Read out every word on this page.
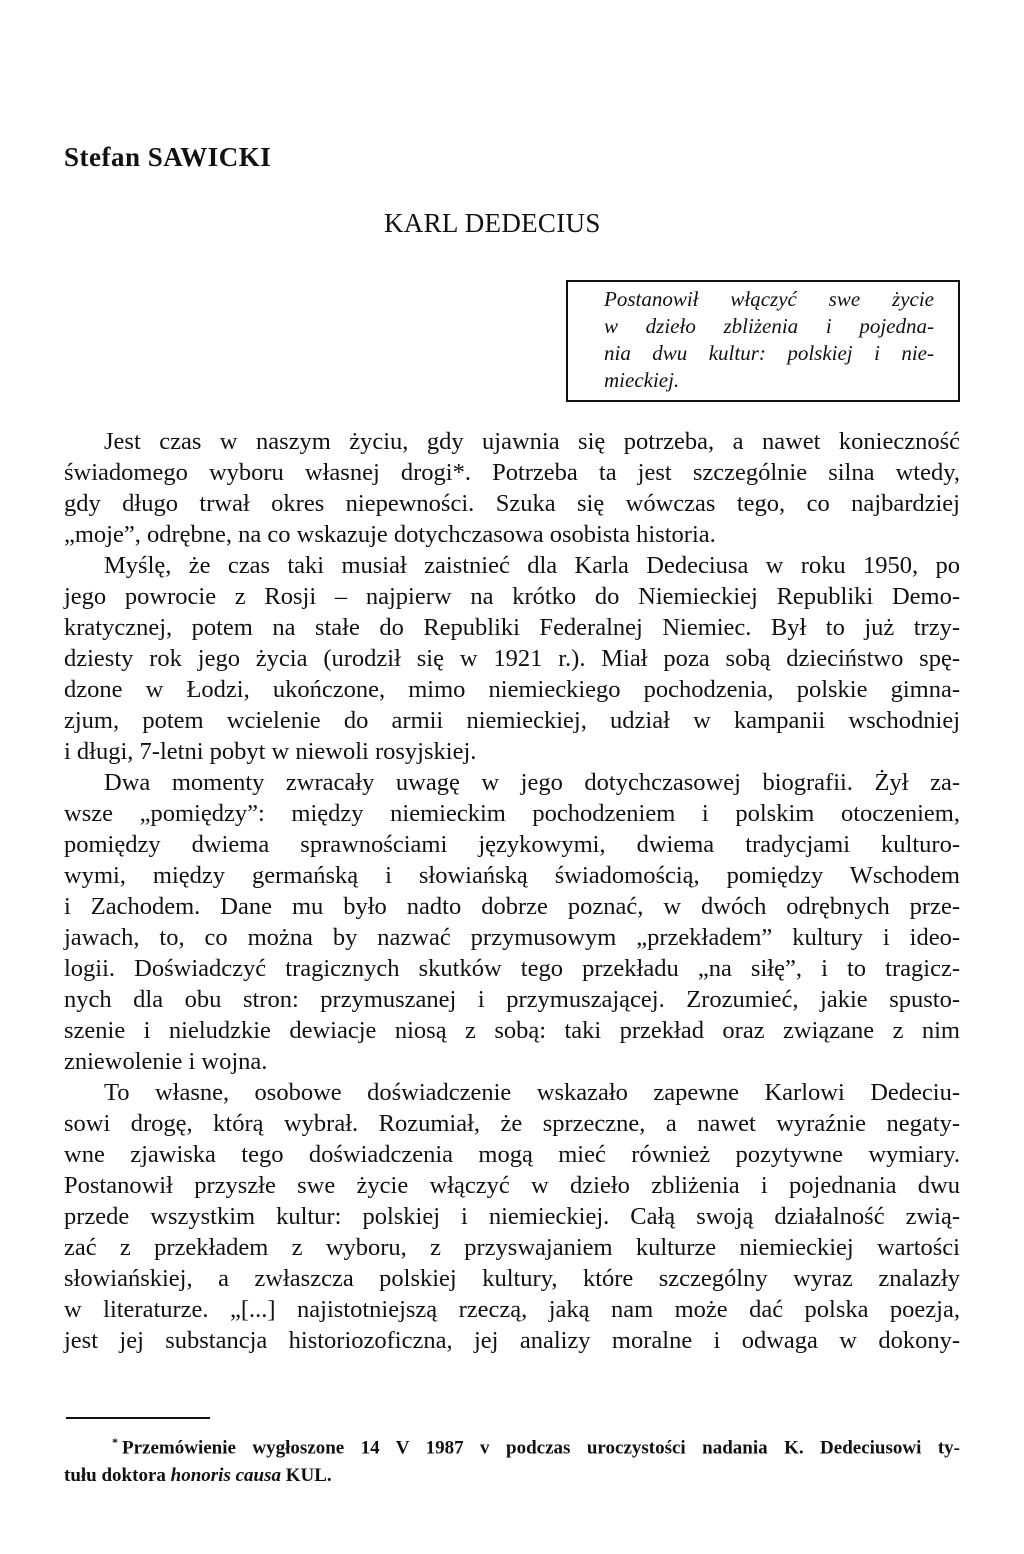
Stefan SAWICKI
KARL DEDECIUS
Postanowił włączyć swe życie
w dzieło zbliżenia i pojedna-
nia dwu kultur: polskiej i nie-
mieckiej.
Jest czas w naszym życiu, gdy ujawnia się potrzeba, a nawet konieczność
świadomego wyboru własnej drogi*. Potrzeba ta jest szczególnie silna wtedy,
gdy długo trwał okres niepewności. Szuka się wówczas tego, co najbardziej
„moje”, odrębne, na co wskazuje dotychczasowa osobista historia.
Myślę, że czas taki musiał zaistnieć dla Karla Dedeciusa w roku 1950, po
jego powrocie z Rosji – najpierw na krótko do Niemieckiej Republiki Demo-
kratycznej, potem na stałe do Republiki Federalnej Niemiec. Był to już trzy-
dziesty rok jego życia (urodził się w 1921 r.). Miał poza sobą dzieciństwo spę-
dzone w Łodzi, ukończone, mimo niemieckiego pochodzenia, polskie gimna-
zjum, potem wcielenie do armii niemieckiej, udział w kampanii wschodniej
i długi, 7-letni pobyt w niewoli rosyjskiej.
Dwa momenty zwracały uwagę w jego dotychczasowej biografii. Żył za-
wsze „pomiędzy”: między niemieckim pochodzeniem i polskim otoczeniem,
pomiędzy dwiema sprawnościami językowymi, dwiema tradycjami kulturo-
wymi, między germańską i słowiańską świadomością, pomiędzy Wschodem
i Zachodem. Dane mu było nadto dobrze poznać, w dwóch odrębnych prze-
jawach, to, co można by nazwać przymusowym „przekładem” kultury i ideo-
logii. Doświadczyć tragicznych skutków tego przekładu „na siłę”, i to tragicz-
nych dla obu stron: przymuszanej i przymuszającej. Zrozumieć, jakie spusto-
szenie i nieludzkie dewiacje niosą z sobą: taki przekład oraz związane z nim
zniewolenie i wojna.
To własne, osobowe doświadczenie wskazało zapewne Karlowi Dedeciu-
sowi drogę, którą wybrał. Rozumiał, że sprzeczne, a nawet wyraźnie negaty-
wne zjawiska tego doświadczenia mogą mieć również pozytywne wymiary.
Postanowił przyszłe swe życie włączyć w dzieło zbliżenia i pojednania dwu
przede wszystkim kultur: polskiej i niemieckiej. Całą swoją działalność zwią-
zać z przekładem z wyboru, z przyswajaniem kulturze niemieckiej wartości
słowiańskiej, a zwłaszcza polskiej kultury, które szczególny wyraz znalazły
w literaturze. „[...] najistotniejszą rzeczą, jaką nam może dać polska poezja,
jest jej substancja historiozoficzna, jej analizy moralne i odwaga w dokony-
* Przemówienie wygłoszone 14 V 1987 v podczas uroczystości nadania K. Dedeciusowi ty-
tułu doktora honoris causa KUL.
